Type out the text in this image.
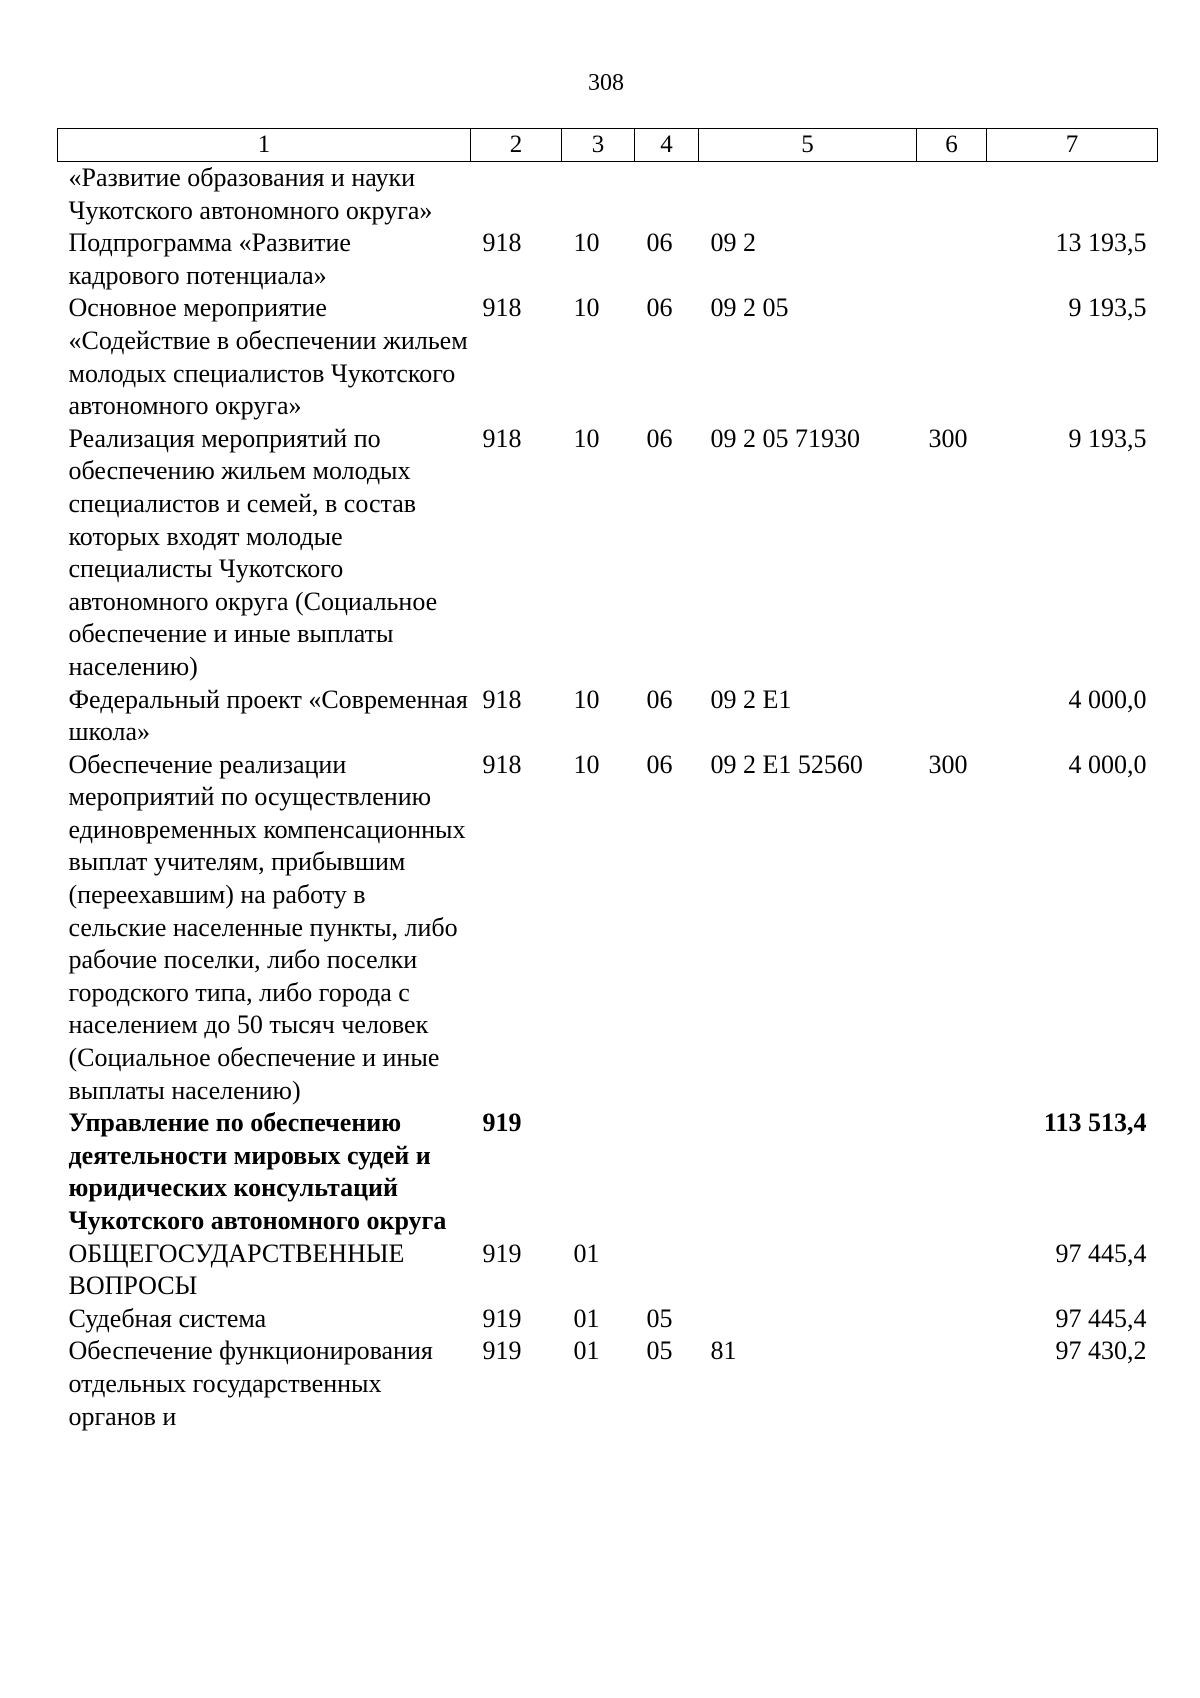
308
1	2	3	4	5	6	7
«Развитие образования и науки Чукотского автономного округа»						
Подпрограмма «Развитие кадрового потенциала»	918	10	06	09 2		13 193,5
Основное мероприятие «Содействие в обеспечении жильем молодых специалистов Чукотского автономного округа»	918	10	06	09 2 05		9 193,5
Реализация мероприятий по обеспечению жильем молодых специалистов и семей, в состав которых входят молодые специалисты Чукотского автономного округа (Социальное обеспечение и иные выплаты населению)	918	10	06	09 2 05 71930	300	9 193,5
Федеральный проект «Современная школа»	918	10	06	09 2 E1		4 000,0
Обеспечение реализации мероприятий по осуществлению единовременных компенсационных выплат учителям, прибывшим (переехавшим) на работу в сельские населенные пункты, либо рабочие поселки, либо поселки городского типа, либо города с населением до 50 тысяч человек (Социальное обеспечение и иные выплаты населению)	918	10	06	09 2 E1 52560	300	4 000,0
Управление по обеспечению деятельности мировых судей и юридических консультаций Чукотского автономного округа	919					113 513,4
ОБЩЕГОСУДАРСТВЕННЫЕ ВОПРОСЫ	919	01				97 445,4
Судебная система	919	01	05			97 445,4
Обеспечение функционирования отдельных государственных органов и	919	01	05	81		97 430,2
